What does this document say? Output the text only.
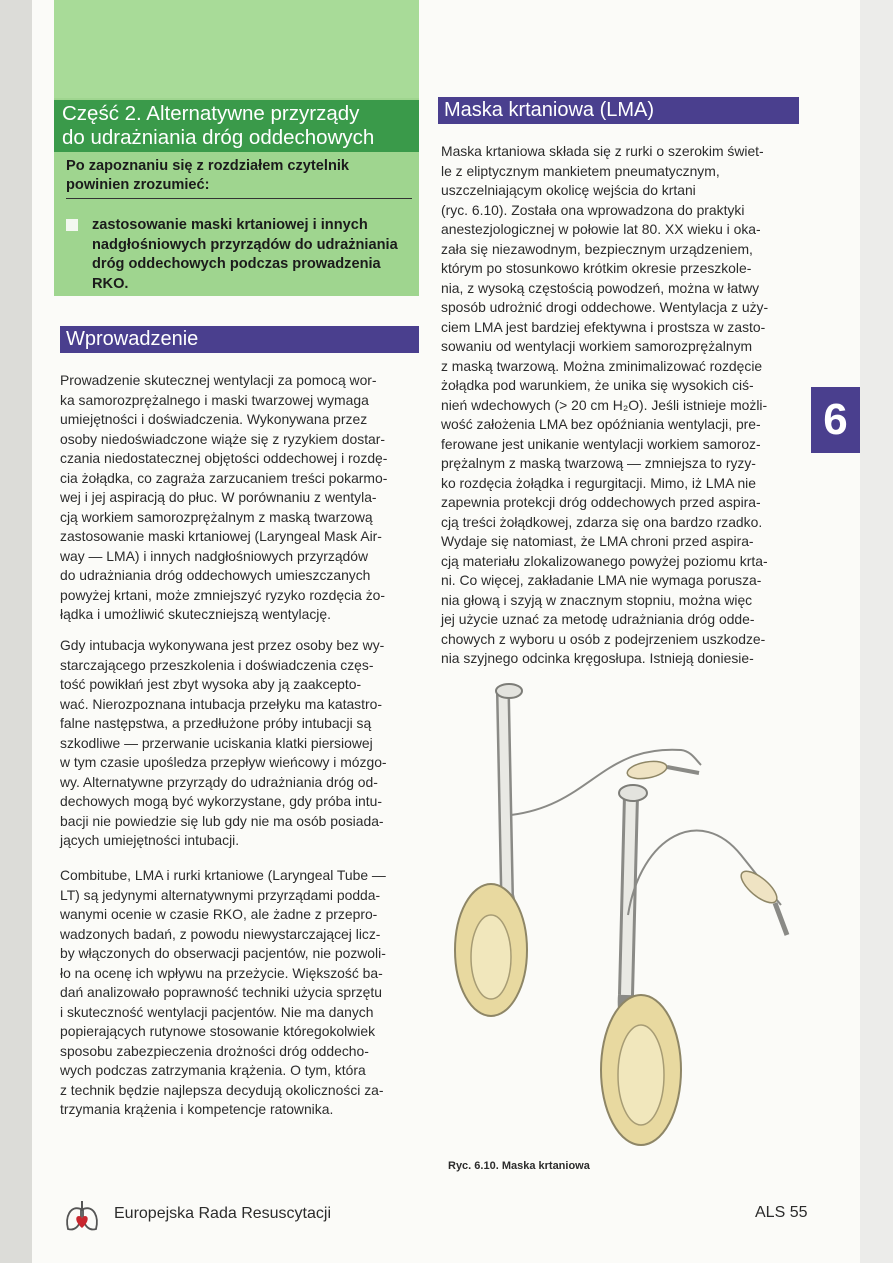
Część 2. Alternatywne przyrządy
do udrażniania dróg oddechowych
Po zapoznaniu się z rozdziałem czytelnik
powinien zrozumieć:
zastosowanie maski krtaniowej i innych
nadgłośniowych przyrządów do udrażniania
dróg oddechowych podczas prowadzenia
RKO.
Wprowadzenie

Prowadzenie skutecznej wentylacji za pomocą wor-

ka samorozprężalnego i maski twarzowej wymaga

umiejętności i doświadczenia. Wykonywana przez

osoby niedoświadczone wiąże się z ryzykiem dostar-

czania niedostatecznej objętości oddechowej i rozdę-

cia żołądka, co zagraża zarzucaniem treści pokarmo-

wej i jej aspiracją do płuc. W porównaniu z wentyla-

cją workiem samorozprężalnym z maską twarzową

zastosowanie maski krtaniowej (Laryngeal Mask Air-

way — LMA) i innych nadgłośniowych przyrządów

do udrażniania dróg oddechowych umieszczanych

powyżej krtani, może zmniejszyć ryzyko rozdęcia żo-

łądka i umożliwić skuteczniejszą wentylację.

Gdy intubacja wykonywana jest przez osoby bez wy-

starczającego przeszkolenia i doświadczenia częs-

tość powikłań jest zbyt wysoka aby ją zaakcepto-

wać. Nierozpoznana intubacja przełyku ma katastro-

falne następstwa, a przedłużone próby intubacji są

szkodliwe — przerwanie uciskania klatki piersiowej

w tym czasie upośledza przepływ wieńcowy i mózgo-

wy. Alternatywne przyrządy do udrażniania dróg od-

dechowych mogą być wykorzystane, gdy próba intu-

bacji nie powiedzie się lub gdy nie ma osób posiada-

jących umiejętności intubacji.

Combitube, LMA i rurki krtaniowe (Laryngeal Tube —

LT) są jedynymi alternatywnymi przyrządami podda-

wanymi ocenie w czasie RKO, ale żadne z przepro-

wadzonych badań, z powodu niewystarczającej licz-

by włączonych do obserwacji pacjentów, nie pozwoli-

ło na ocenę ich wpływu na przeżycie. Większość ba-

dań analizowało poprawność techniki użycia sprzętu

i skuteczność wentylacji pacjentów. Nie ma danych

popierających rutynowe stosowanie któregokolwiek

sposobu zabezpieczenia drożności dróg oddecho-

wych podczas zatrzymania krążenia. O tym, która

z technik będzie najlepsza decydują okoliczności za-

trzymania krążenia i kompetencje ratownika.

Maska krtaniowa (LMA)

Maska krtaniowa składa się z rurki o szerokim świet-

le z eliptycznym mankietem pneumatycznym,

uszczelniającym okolicę wejścia do krtani

(ryc. 6.10). Została ona wprowadzona do praktyki

anestezjologicznej w połowie lat 80. XX wieku i oka-

zała się niezawodnym, bezpiecznym urządzeniem,

którym po stosunkowo krótkim okresie przeszkole-

nia, z wysoką częstością powodzeń, można w łatwy

sposób udrożnić drogi oddechowe. Wentylacja z uży-

ciem LMA jest bardziej efektywna i prostsza w zasto-

sowaniu od wentylacji workiem samorozprężalnym

z maską twarzową. Można zminimalizować rozdęcie

żołądka pod warunkiem, że unika się wysokich ciś-

nień wdechowych (> 20 cm H₂O). Jeśli istnieje możli-

wość założenia LMA bez opóźniania wentylacji, pre-

ferowane jest unikanie wentylacji workiem samoroz-

prężalnym z maską twarzową — zmniejsza to ryzy-

ko rozdęcia żołądka i regurgitacji. Mimo, iż LMA nie

zapewnia protekcji dróg oddechowych przed aspira-

cją treści żołądkowej, zdarza się ona bardzo rzadko.

Wydaje się natomiast, że LMA chroni przed aspira-

cją materiału zlokalizowanego powyżej poziomu krta-

ni. Co więcej, zakładanie LMA nie wymaga porusza-

nia głową i szyją w znacznym stopniu, można więc

jej użycie uznać za metodę udrażniania dróg odde-

chowych z wyboru u osób z podejrzeniem uszkodze-

nia szyjnego odcinka kręgosłupa. Istnieją doniesie-

6
Ryc. 6.10. Maska krtaniowa
Europejska Rada Resuscytacji	ALS 55
